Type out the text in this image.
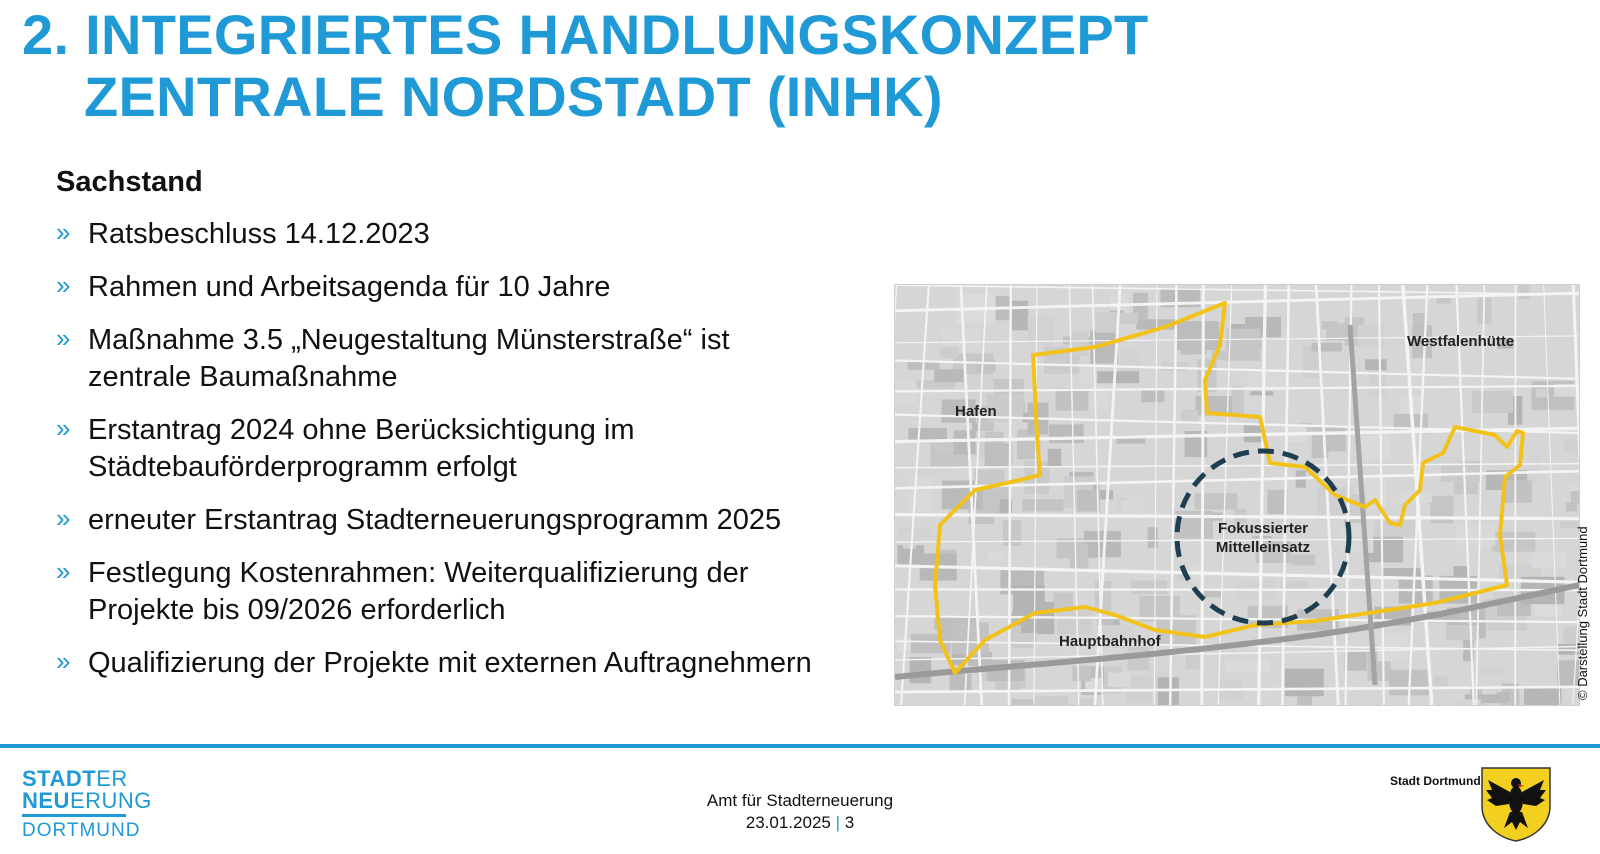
2. INTEGRIERTES HANDLUNGSKONZEPT
ZENTRALE NORDSTADT (INHK)
Sachstand
» Ratsbeschluss 14.12.2023
» Rahmen und Arbeitsagenda für 10 Jahre
» Maßnahme 3.5 „Neugestaltung Münsterstraße“ ist
zentrale Baumaßnahme
» Erstantrag 2024 ohne Berücksichtigung im
Städtebauförderprogramm erfolgt
» erneuter Erstantrag Stadterneuerungsprogramm 2025
» Festlegung Kostenrahmen: Weiterqualifizierung der
Projekte bis 09/2026 erforderlich
» Qualifizierung der Projekte mit externen Auftragnehmern
Hafen
Westfalenhütte
Hauptbahnhof
Fokussierter
Mittelleinsatz	© Darstellung Stadt Dortmund
STADTER
NEUERUNG
DORTMUND
Amt für Stadterneuerung
23.01.2025 | 3
Stadt Dortmund
